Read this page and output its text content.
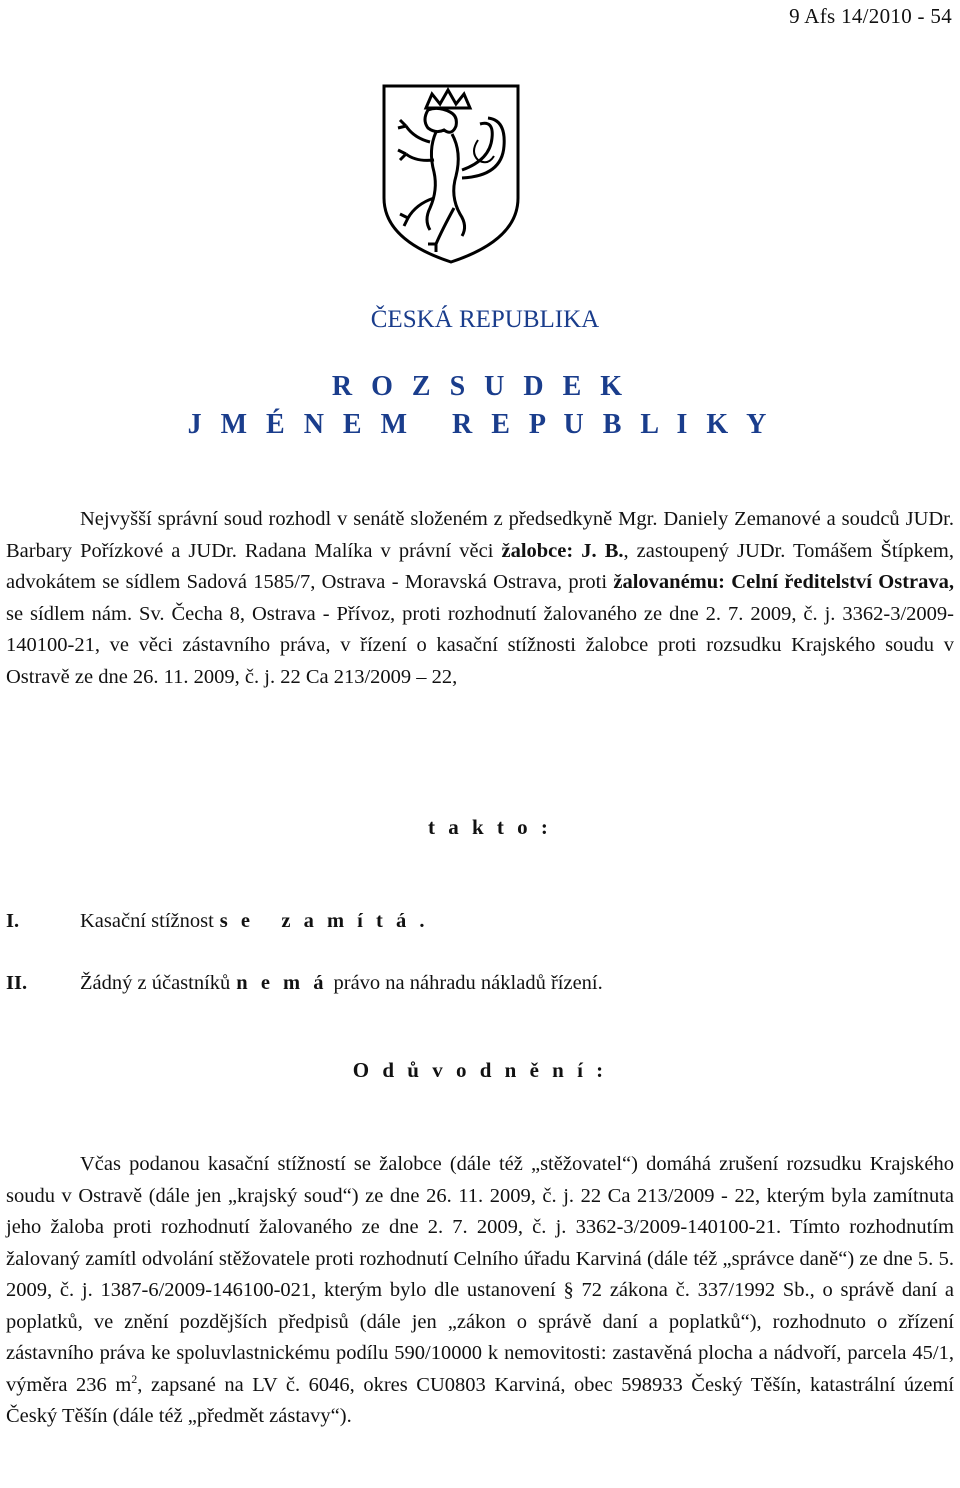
9 Afs 14/2010 - 54
ČESKÁ REPUBLIKA
R O Z S U D E K
J M É N E M   R E P U B L I K Y
Nejvyšší správní soud rozhodl v senátě složeném z předsedkyně Mgr. Daniely Zemanové a soudců JUDr. Barbary Pořízkové a JUDr. Radana Malíka v právní věci žalobce: J. B., zastoupený JUDr. Tomášem Štípkem, advokátem se sídlem Sadová 1585/7, Ostrava - Moravská Ostrava, proti žalovanému: Celní ředitelství Ostrava, se sídlem nám. Sv. Čecha 8, Ostrava - Přívoz, proti rozhodnutí žalovaného ze dne 2. 7. 2009, č. j. 3362-3/2009-140100-21, ve věci zástavního práva, v řízení o kasační stížnosti žalobce proti rozsudku Krajského soudu v Ostravě ze dne 26. 11. 2009, č. j. 22 Ca 213/2009 – 22,
t a k t o :
I.	Kasační stížnost s e   z a m í t á .
II.	Žádný z účastníků n e m á právo na náhradu nákladů řízení.
O d ů v o d n ě n í :
Včas podanou kasační stížností se žalobce (dále též „stěžovatel“) domáhá zrušení rozsudku Krajského soudu v Ostravě (dále jen „krajský soud“) ze dne 26. 11. 2009, č. j. 22 Ca 213/2009 - 22, kterým byla zamítnuta jeho žaloba proti rozhodnutí žalovaného ze dne 2. 7. 2009, č. j. 3362-3/2009-140100-21. Tímto rozhodnutím žalovaný zamítl odvolání stěžovatele proti rozhodnutí Celního úřadu Karviná (dále též „správce daně“) ze dne 5. 5. 2009, č. j. 1387-6/2009-146100-021, kterým bylo dle ustanovení § 72 zákona č. 337/1992 Sb., o správě daní a poplatků, ve znění pozdějších předpisů (dále jen „zákon o správě daní a poplatků“), rozhodnuto o zřízení zástavního práva ke spoluvlastnickému podílu 590/10000 k nemovitosti: zastavěná plocha a nádvoří, parcela 45/1, výměra 236 $m^2$, zapsané na LV č. 6046, okres CU0803 Karviná, obec 598933 Český Těšín, katastrální území Český Těšín (dále též „předmět zástavy“).
